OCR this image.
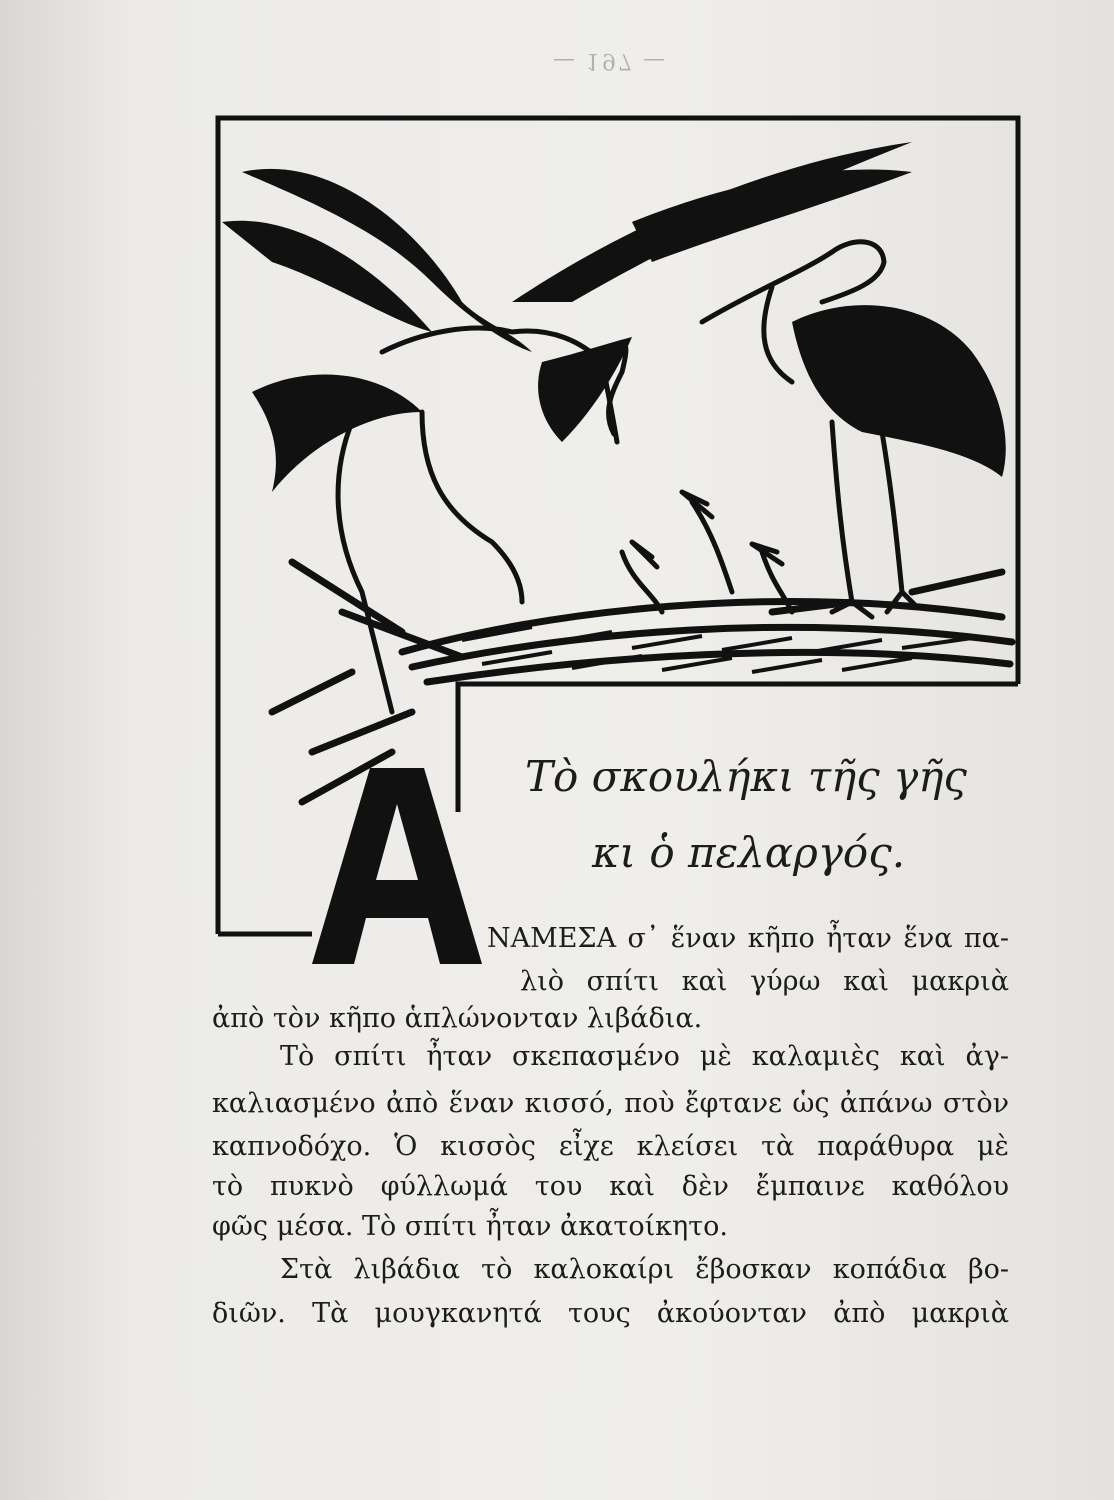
— 197 —
Τὸ σκουλήκι τῆς γῆς
κι ὁ πελαργός.
ΝΑΜΕΣΑ σ᾽ ἕναν κῆπο ἦταν ἕνα πα-
λιὸ σπίτι καὶ γύρω καὶ μακριὰ
ἀπὸ τὸν κῆπο ἁπλώνονταν λιβάδια.
Τὸ σπίτι ἦταν σκεπασμένο μὲ καλαμιὲς καὶ ἀγ-
καλιασμένο ἀπὸ ἕναν κισσό, ποὺ ἔφτανε ὡς ἀπάνω στὸν
καπνοδόχο. Ὁ κισσὸς εἶχε κλείσει τὰ παράθυρα μὲ
τὸ πυκνὸ φύλλωμά του καὶ δὲν ἔμπαινε καθόλου
φῶς μέσα. Τὸ σπίτι ἦταν ἀκατοίκητο.
Στὰ λιβάδια τὸ καλοκαίρι ἔβοσκαν κοπάδια βο-
διῶν. Τὰ μουγκανητά τους ἀκούονταν ἀπὸ μακριὰ
